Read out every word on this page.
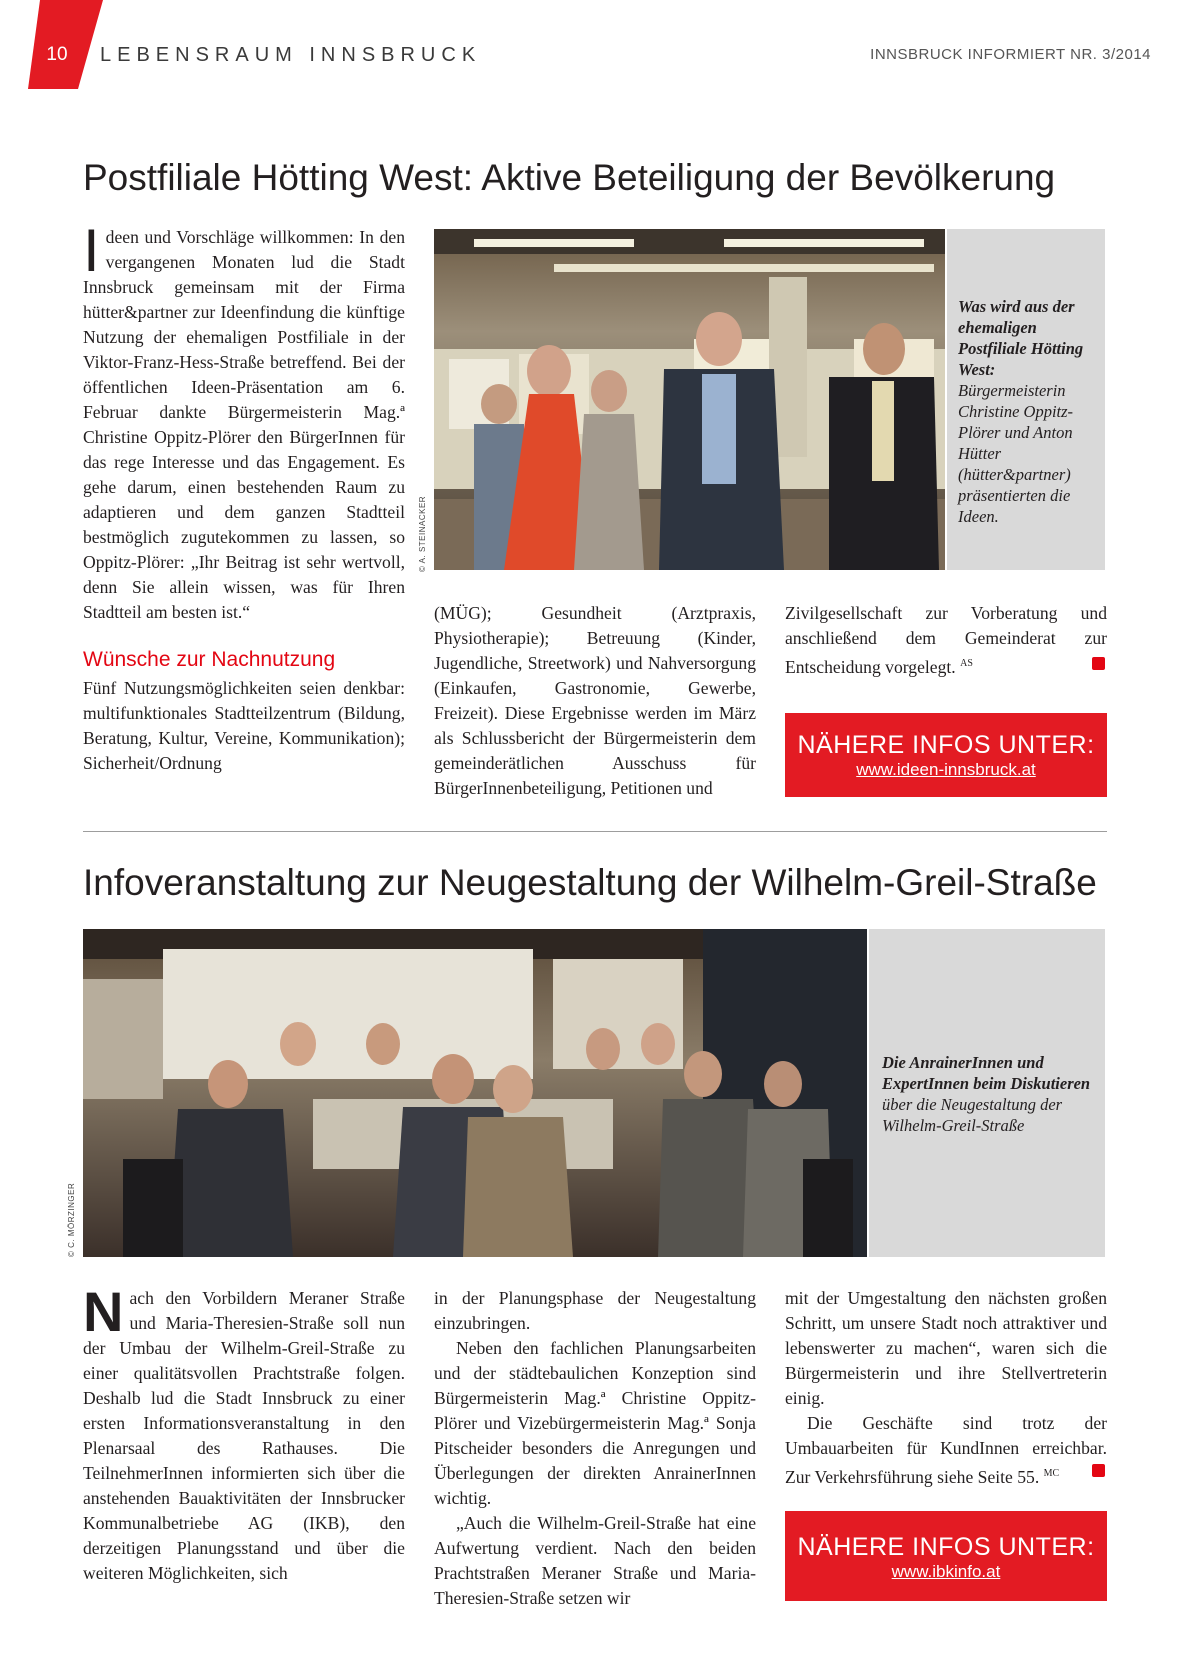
10 LEBENSRAUM INNSBRUCK	INNSBRUCK INFORMIERT NR. 3/2014
Postfiliale Hötting West: Aktive Beteiligung der Bevölkerung

Ideen und Vorschläge willkommen: In den vergangenen Monaten lud die Stadt Innsbruck gemeinsam mit der Firma hütter&partner zur Ideenfindung die künftige Nutzung der ehemaligen Postfiliale in der Viktor-Franz-Hess-Straße betreffend. Bei der öffentlichen Ideen-Präsentation am 6. Februar dankte Bürgermeisterin Mag.ª Christine Oppitz-Plörer den BürgerInnen für das rege Interesse und das Engagement. Es gehe darum, einen bestehenden Raum zu adaptieren und dem ganzen Stadtteil bestmöglich zugutekommen zu lassen, so Oppitz-Plörer: „Ihr Beitrag ist sehr wertvoll, denn Sie allein wissen, was für Ihren Stadtteil am besten ist.“

Wünsche zur Nachnutzung

Fünf Nutzungsmöglichkeiten seien denkbar: multifunktionales Stadtteilzentrum (Bildung, Beratung, Kultur, Vereine, Kommunikation); Sicherheit/Ordnung

© A. STEINACKER
Was wird aus der ehemaligen Postfiliale Hötting West: Bürgermeisterin Christine Oppitz-Plörer und Anton Hütter (hütter&partner) präsentierten die Ideen.

(MÜG); Gesundheit (Arztpraxis, Physiotherapie); Betreuung (Kinder, Jugendliche, Streetwork) und Nahversorgung (Einkaufen, Gastronomie, Gewerbe, Freizeit). Diese Ergebnisse werden im März als Schlussbericht der Bürgermeisterin dem gemeinderätlichen Ausschuss für BürgerInnenbeteiligung, Petitionen und

Zivilgesellschaft zur Vorberatung und anschließend dem Gemeinderat zur Entscheidung vorgelegt. $^{AS}$

NÄHERE INFOS UNTER:
www.ideen-innsbruck.at
Infoveranstaltung zur Neugestaltung der Wilhelm-Greil-Straße
© C. MÖRZINGER
Die AnrainerInnen und ExpertInnen beim Diskutieren über die Neugestaltung der Wilhelm-Greil-Straße

Nach den Vorbildern Meraner Straße und Maria-Theresien-Straße soll nun der Umbau der Wilhelm-Greil-Straße zu einer qualitätsvollen Prachtstraße folgen. Deshalb lud die Stadt Innsbruck zu einer ersten Informationsveranstaltung in den Plenarsaal des Rathauses. Die TeilnehmerInnen informierten sich über die anstehenden Bauaktivitäten der Innsbrucker Kommunalbetriebe AG (IKB), den derzeitigen Planungsstand und über die weiteren Möglichkeiten, sich

in der Planungsphase der Neugestaltung einzubringen.

Neben den fachlichen Planungsarbeiten und der städtebaulichen Konzeption sind Bürgermeisterin Mag.ª Christine Oppitz-Plörer und Vizebürgermeisterin Mag.ª Sonja Pitscheider besonders die Anregungen und Überlegungen der direkten AnrainerInnen wichtig.

„Auch die Wilhelm-Greil-Straße hat eine Aufwertung verdient. Nach den beiden Prachtstraßen Meraner Straße und Maria-Theresien-Straße setzen wir

mit der Umgestaltung den nächsten großen Schritt, um unsere Stadt noch attraktiver und lebenswerter zu machen“, waren sich die Bürgermeisterin und ihre Stellvertreterin einig.

Die Geschäfte sind trotz der Umbauarbeiten für KundInnen erreichbar. Zur Verkehrsführung siehe Seite 55. $^{MC}$

NÄHERE INFOS UNTER:
www.ibkinfo.at
